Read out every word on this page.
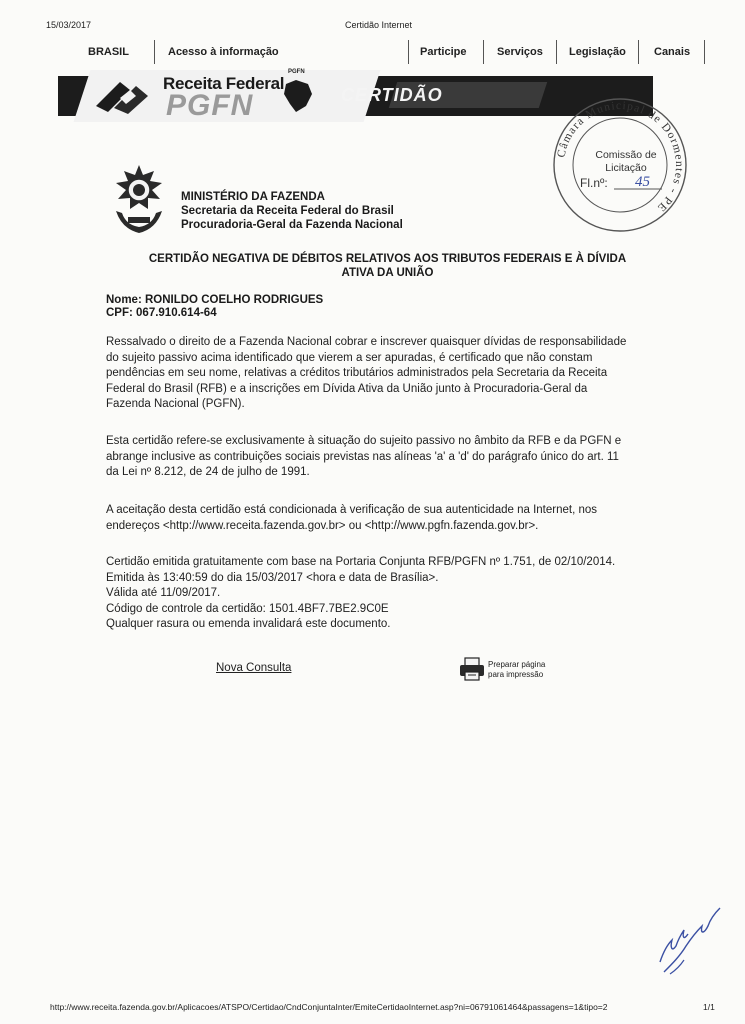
15/03/2017	Certidão Internet
BRASIL	Acesso à informação	Participe	Serviços Legislação	Canais
Receita Federal
PGFN
PGFN
CERTIDÃO
Câmara Municipal de Dormentes - PE
Comissão de
Licitação
Fl.nº: 45
MINISTÉRIO DA FAZENDA
Secretaria da Receita Federal do Brasil
Procuradoria-Geral da Fazenda Nacional
CERTIDÃO NEGATIVA DE DÉBITOS RELATIVOS AOS TRIBUTOS FEDERAIS E À DÍVIDA
ATIVA DA UNIÃO
Nome: RONILDO COELHO RODRIGUES
CPF: 067.910.614-64
Ressalvado o direito de a Fazenda Nacional cobrar e inscrever quaisquer dívidas de responsabilidade
do sujeito passivo acima identificado que vierem a ser apuradas, é certificado que não constam
pendências em seu nome, relativas a créditos tributários administrados pela Secretaria da Receita
Federal do Brasil (RFB) e a inscrições em Dívida Ativa da União junto à Procuradoria-Geral da
Fazenda Nacional (PGFN).
Esta certidão refere-se exclusivamente à situação do sujeito passivo no âmbito da RFB e da PGFN e
abrange inclusive as contribuições sociais previstas nas alíneas 'a' a 'd' do parágrafo único do art. 11
da Lei nº 8.212, de 24 de julho de 1991.
A aceitação desta certidão está condicionada à verificação de sua autenticidade na Internet, nos
endereços <http://www.receita.fazenda.gov.br> ou <http://www.pgfn.fazenda.gov.br>.
Certidão emitida gratuitamente com base na Portaria Conjunta RFB/PGFN nº 1.751, de 02/10/2014.
Emitida às 13:40:59 do dia 15/03/2017 <hora e data de Brasília>.
Válida até 11/09/2017.
Código de controle da certidão: 1501.4BF7.7BE2.9C0E
Qualquer rasura ou emenda invalidará este documento.
Nova Consulta	Preparar página
para impressão
http://www.receita.fazenda.gov.br/Aplicacoes/ATSPO/Certidao/CndConjuntaInter/EmiteCertidaoInternet.asp?ni=06791061464&passagens=1&tipo=2	1/1
